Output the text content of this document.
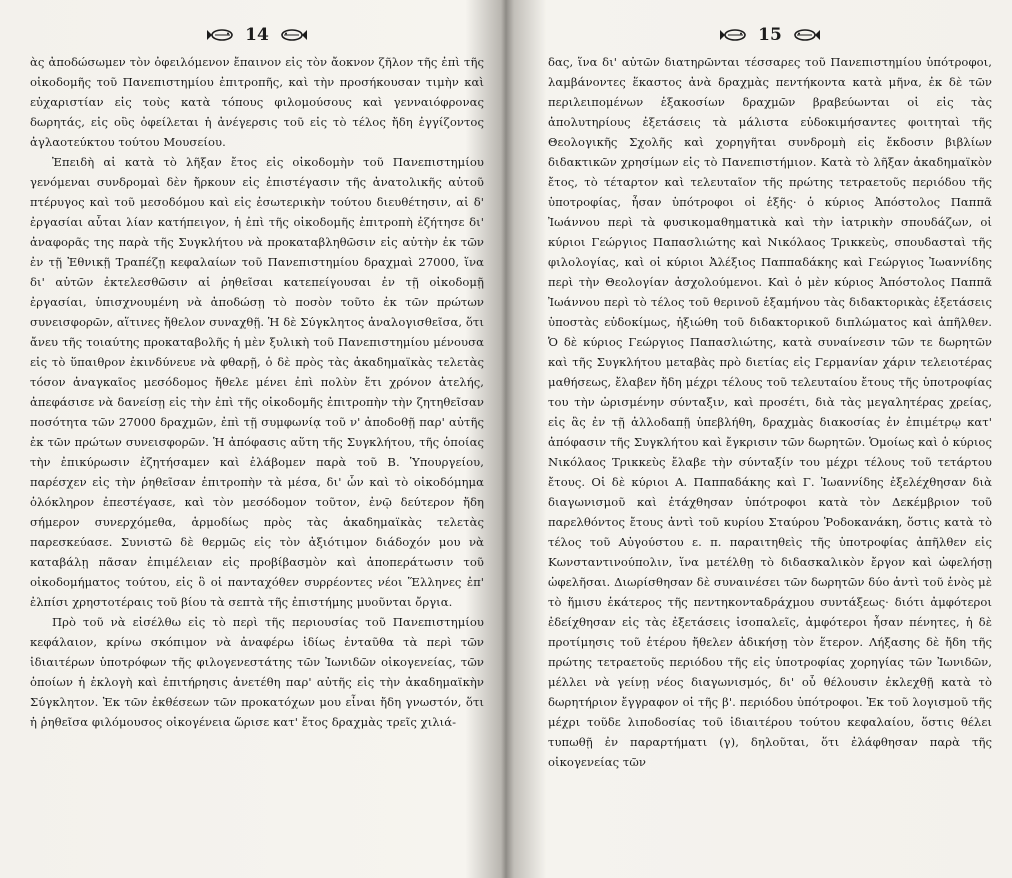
14

ὰς ἀποδώσωμεν τὸν ὀφειλόμενον ἔπαινον εἰς τὸν ἄοκνον ζῆλον τῆς ἐπὶ τῆς οἰκοδομῆς τοῦ Πανεπιστημίου ἐπιτροπῆς, καὶ τὴν προσήκουσαν τιμὴν καὶ εὐχαριστίαν εἰς τοὺς κατὰ τόπους φιλομούσους καὶ γενναιόφρονας δωρητάς, εἰς οὓς ὀφείλεται ἡ ἀνέγερσις τοῦ εἰς τὸ τέλος ἤδη ἐγγίζοντος ἀγλαοτεύκτου τούτου Μουσείου.

Ἐπειδὴ αἱ κατὰ τὸ λῆξαν ἔτος εἰς οἰκοδομὴν τοῦ Πανεπιστημίου γενόμεναι συνδρομαὶ δὲν ἤρκουν εἰς ἐπιστέγασιν τῆς ἀνατολικῆς αὐτοῦ πτέρυγος καὶ τοῦ μεσοδόμου καὶ εἰς ἐσωτερικὴν τούτου διευθέτησιν, αἱ δ' ἐργασίαι αὗται λίαν κατήπειγον, ἡ ἐπὶ τῆς οἰκοδομῆς ἐπιτροπὴ ἐζήτησε δι' ἀναφορᾶς της παρὰ τῆς Συγκλήτου νὰ προκαταβληθῶσιν εἰς αὐτὴν ἐκ τῶν ἐν τῇ Ἐθνικῇ Τραπέζῃ κεφαλαίων τοῦ Πανεπιστημίου δραχμαὶ 27000, ἵνα δι' αὐτῶν ἐκτελεσθῶσιν αἱ ῥηθεῖσαι κατεπείγουσαι ἐν τῇ οἰκοδομῇ ἐργασίαι, ὑπισχνουμένη νὰ ἀποδώσῃ τὸ ποσὸν τοῦτο ἐκ τῶν πρώτων συνεισφορῶν, αἵτινες ἤθελον συναχθῇ. Ἡ δὲ Σύγκλητος ἀναλογισθεῖσα, ὅτι ἄνευ τῆς τοιαύτης προκαταβολῆς ἡ μὲν ξυλικὴ τοῦ Πανεπιστημίου μένουσα εἰς τὸ ὕπαιθρον ἐκινδύνευε νὰ φθαρῇ, ὁ δὲ πρὸς τὰς ἀκαδημαϊκὰς τελετὰς τόσον ἀναγκαῖος μεσόδομος ἤθελε μένει ἐπὶ πολὺν ἔτι χρόνον ἀτελής, ἀπεφάσισε νὰ δανείσῃ εἰς τὴν ἐπὶ τῆς οἰκοδομῆς ἐπιτροπὴν τὴν ζητηθεῖσαν ποσότητα τῶν 27000 δραχμῶν, ἐπὶ τῇ συμφωνίᾳ τοῦ ν' ἀποδοθῇ παρ' αὐτῆς ἐκ τῶν πρώτων συνεισφορῶν. Ἡ ἀπόφασις αὕτη τῆς Συγκλήτου, τῆς ὁποίας τὴν ἐπικύρωσιν ἐζητήσαμεν καὶ ἐλάβομεν παρὰ τοῦ Β. Ὑπουργείου, παρέσχεν εἰς τὴν ῥηθεῖσαν ἐπιτροπὴν τὰ μέσα, δι' ὧν καὶ τὸ οἰκοδόμημα ὁλόκληρον ἐπεστέγασε, καὶ τὸν μεσόδομον τοῦτον, ἐνῷ δεύτερον ἤδη σήμερον συνερχόμεθα, ἁρμοδίως πρὸς τὰς ἀκαδημαϊκὰς τελετὰς παρεσκεύασε. Συνιστῶ δὲ θερμῶς εἰς τὸν ἀξιότιμον διάδοχόν μου νὰ καταβάλῃ πᾶσαν ἐπιμέλειαν εἰς προβίβασμὸν καὶ ἀποπεράτωσιν τοῦ οἰκοδομήματος τούτου, εἰς ὃ οἱ πανταχόθεν συρρέοντες νέοι Ἕλληνες ἐπ' ἐλπίσι χρηστοτέραις τοῦ βίου τὰ σεπτὰ τῆς ἐπιστήμης μυοῦνται ὄργια.

Πρὸ τοῦ νὰ εἰσέλθω εἰς τὸ περὶ τῆς περιουσίας τοῦ Πανεπιστημίου κεφάλαιον, κρίνω σκόπιμον νὰ ἀναφέρω ἰδίως ἐνταῦθα τὰ περὶ τῶν ἰδιαιτέρων ὑποτρόφων τῆς φιλογενεστάτης τῶν Ἰωνιδῶν οἰκογενείας, τῶν ὁποίων ἡ ἐκλογὴ καὶ ἐπιτήρησις ἀνετέθη παρ' αὐτῆς εἰς τὴν ἀκαδημαϊκὴν Σύγκλητον. Ἐκ τῶν ἐκθέσεων τῶν προκατόχων μου εἶναι ἤδη γνωστόν, ὅτι ἡ ῥηθεῖσα φιλόμουσος οἰκογένεια ὥρισε κατ' ἔτος δραχμὰς τρεῖς χιλιά-

15

δας, ἵνα δι' αὐτῶν διατηρῶνται τέσσαρες τοῦ Πανεπιστημίου ὑπότροφοι, λαμβάνοντες ἕκαστος ἀνὰ δραχμὰς πεντήκοντα κατὰ μῆνα, ἐκ δὲ τῶν περιλειπομένων ἑξακοσίων δραχμῶν βραβεύωνται οἱ εἰς τὰς ἀπολυτηρίους ἐξετάσεις τὰ μάλιστα εὐδοκιμήσαντες φοιτηταὶ τῆς Θεολογικῆς Σχολῆς καὶ χορηγῆται συνδρομὴ εἰς ἔκδοσιν βιβλίων διδακτικῶν χρησίμων εἰς τὸ Πανεπιστήμιον. Κατὰ τὸ λῆξαν ἀκαδημαϊκὸν ἔτος, τὸ τέταρτον καὶ τελευταῖον τῆς πρώτης τετραετοῦς περιόδου τῆς ὑποτροφίας, ἦσαν ὑπότροφοι οἱ ἑξῆς· ὁ κύριος Ἀπόστολος Παππᾶ Ἰωάννου περὶ τὰ φυσικομαθηματικὰ καὶ τὴν ἰατρικὴν σπουδάζων, οἱ κύριοι Γεώργιος Παπασλιώτης καὶ Νικόλαος Τρικκεὺς, σπουδασταὶ τῆς φιλολογίας, καὶ οἱ κύριοι Ἀλέξιος Παππαδάκης καὶ Γεώργιος Ἰωαννίδης περὶ τὴν Θεολογίαν ἀσχολούμενοι. Καὶ ὁ μὲν κύριος Ἀπόστολος Παππᾶ Ἰωάννου περὶ τὸ τέλος τοῦ θερινοῦ ἑξαμήνου τὰς διδακτορικὰς ἐξετάσεις ὑποστὰς εὐδοκίμως, ἠξιώθη τοῦ διδακτορικοῦ διπλώματος καὶ ἀπῆλθεν. Ὁ δὲ κύριος Γεώργιος Παπασλιώτης, κατὰ συναίνεσιν τῶν τε δωρητῶν καὶ τῆς Συγκλήτου μεταβὰς πρὸ διετίας εἰς Γερμανίαν χάριν τελειοτέρας μαθήσεως, ἔλαβεν ἤδη μέχρι τέλους τοῦ τελευταίου ἔτους τῆς ὑποτροφίας του τὴν ὡρισμένην σύνταξιν, καὶ προσέτι, διὰ τὰς μεγαλητέρας χρείας, εἰς ἃς ἐν τῇ ἀλλοδαπῇ ὑπεβλήθη, δραχμὰς διακοσίας ἐν ἐπιμέτρῳ κατ' ἀπόφασιν τῆς Συγκλήτου καὶ ἔγκρισιν τῶν δωρητῶν. Ὁμοίως καὶ ὁ κύριος Νικόλαος Τρικκεὺς ἔλαβε τὴν σύνταξίν του μέχρι τέλους τοῦ τετάρτου ἔτους. Οἱ δὲ κύριοι Α. Παππαδάκης καὶ Γ. Ἰωαννίδης ἐξελέχθησαν διὰ διαγωνισμοῦ καὶ ἐτάχθησαν ὑπότροφοι κατὰ τὸν Δεκέμβριον τοῦ παρελθόντος ἔτους ἀντὶ τοῦ κυρίου Σταύρου Ῥοδοκανάκη, ὅστις κατὰ τὸ τέλος τοῦ Αὐγούστου ε. π. παραιτηθεὶς τῆς ὑποτροφίας ἀπῆλθεν εἰς Κωνσταντινούπολιν, ἵνα μετέλθῃ τὸ διδασκαλικὸν ἔργον καὶ ὠφελήσῃ ὠφελῆσαι. Διωρίσθησαν δὲ συναινέσει τῶν δωρητῶν δύο ἀντὶ τοῦ ἑνὸς μὲ τὸ ἥμισυ ἑκάτερος τῆς πεντηκονταδράχμου συντάξεως· διότι ἀμφότεροι ἐδείχθησαν εἰς τὰς ἐξετάσεις ἰσοπαλεῖς, ἀμφότεροι ἦσαν πένητες, ἡ δὲ προτίμησις τοῦ ἑτέρου ἤθελεν ἀδικήσῃ τὸν ἕτερον. Λήξασης δὲ ἤδη τῆς πρώτης τετραετοῦς περιόδου τῆς εἰς ὑποτροφίας χορηγίας τῶν Ἰωνιδῶν, μέλλει νὰ γείνῃ νέος διαγωνισμός, δι' οὗ θέλουσιν ἐκλεχθῇ κατὰ τὸ δωρητήριον ἔγγραφον οἱ τῆς β'. περιόδου ὑπότροφοι. Ἐκ τοῦ λογισμοῦ τῆς μέχρι τοῦδε λιποδοσίας τοῦ ἰδιαιτέρου τούτου κεφαλαίου, ὅστις θέλει τυπωθῇ ἐν παραρτήματι (γ), δηλοῦται, ὅτι ἐλάφθησαν παρὰ τῆς οἰκογενείας τῶν
